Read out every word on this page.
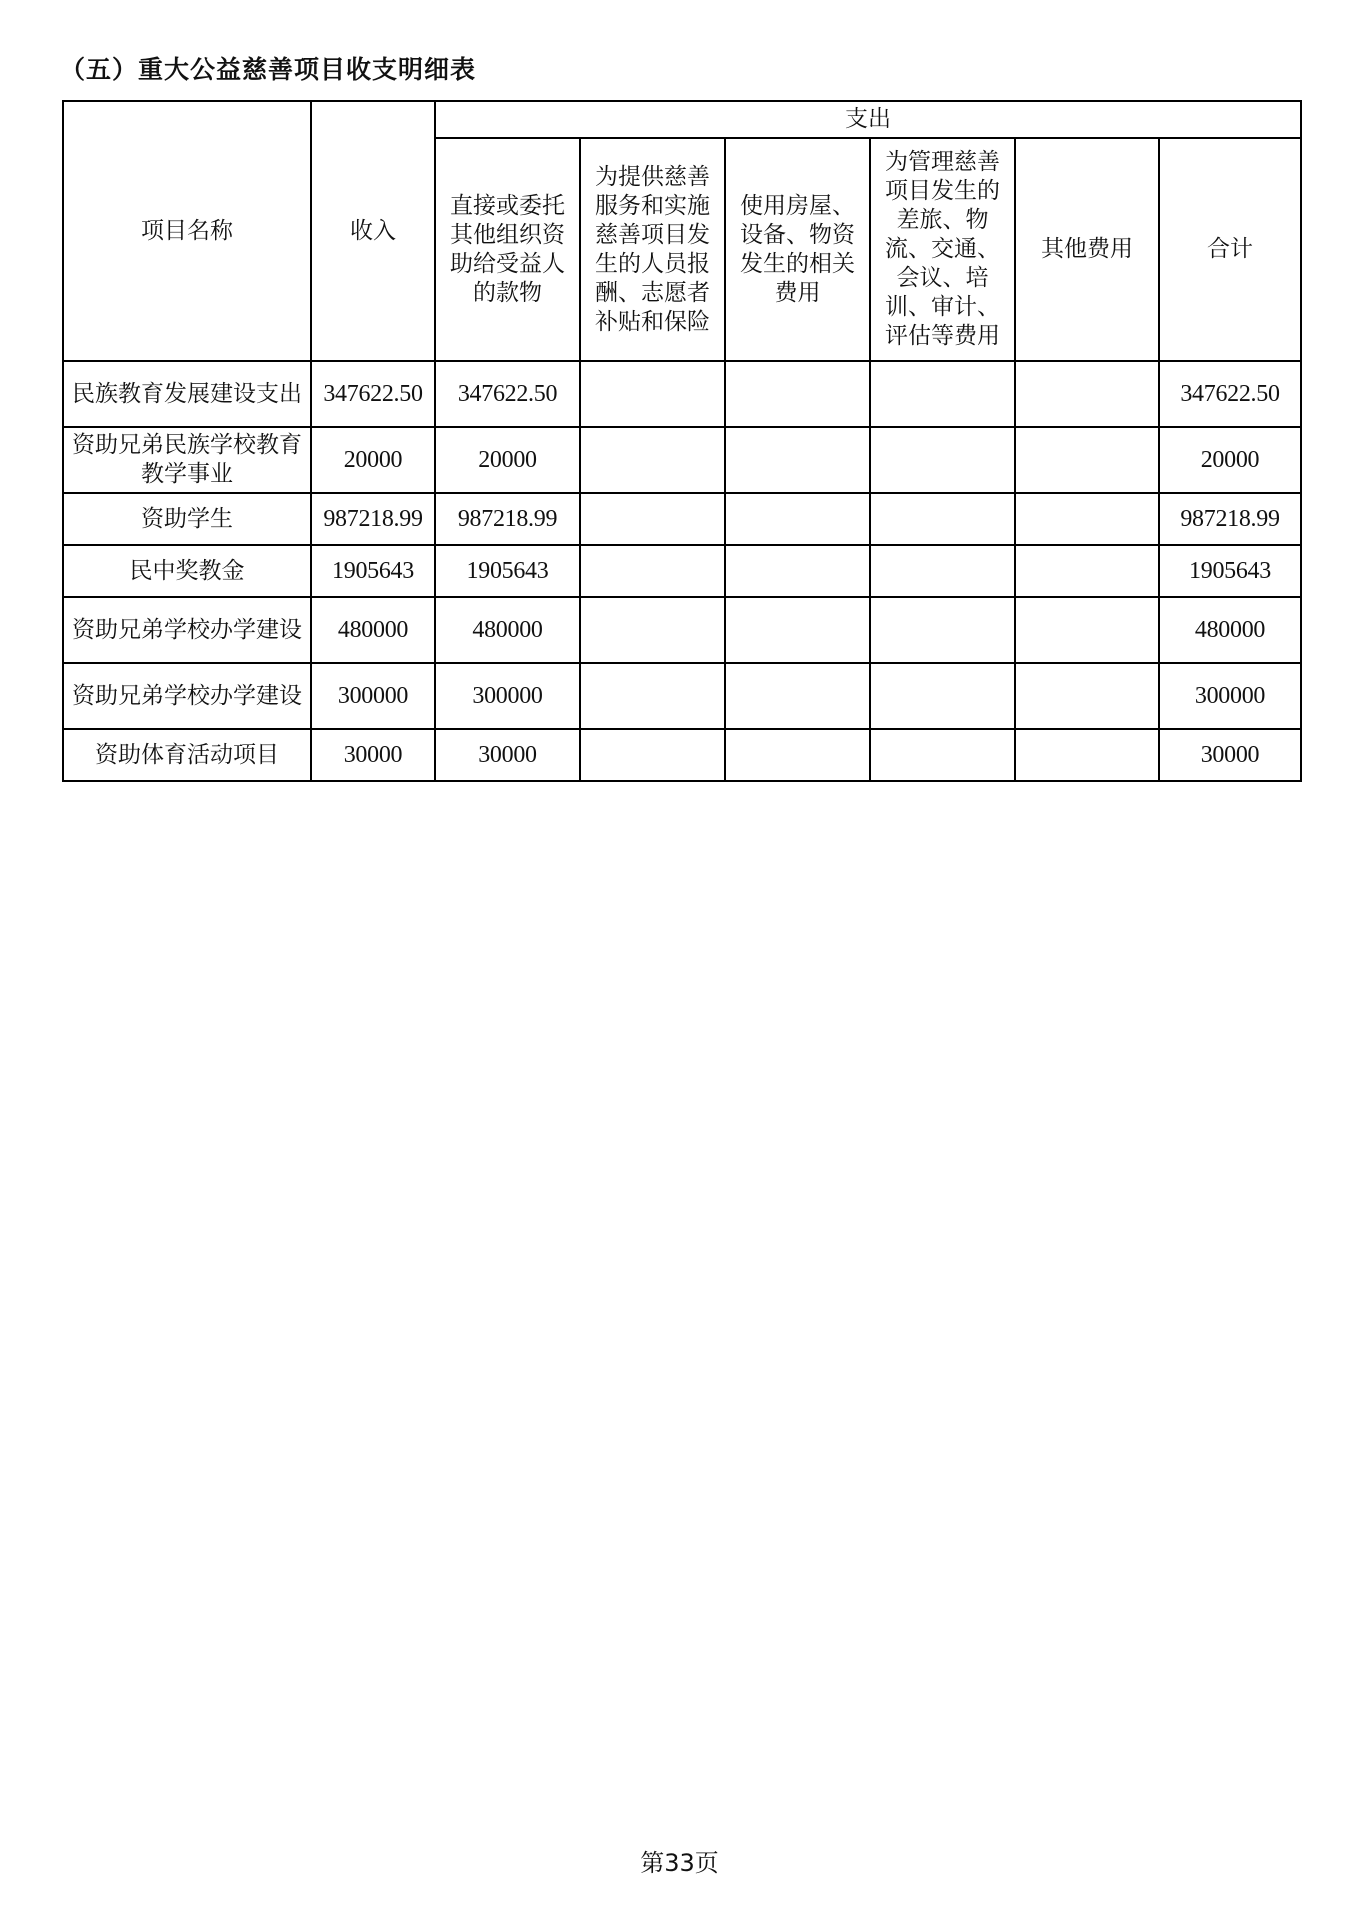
（五）重大公益慈善项目收支明细表
项目名称	收入	支出					
		直接或委托其他组织资助给受益人的款物	为提供慈善服务和实施慈善项目发生的人员报酬、志愿者补贴和保险	使用房屋、设备、物资发生的相关费用	为管理慈善项目发生的差旅、物流、交通、会议、培训、审计、评估等费用	其他费用	合计
民族教育发展建设支出	347622.50	347622.50					347622.50
资助兄弟民族学校教育教学事业	20000	20000					20000
资助学生	987218.99	987218.99					987218.99
民中奖教金	1905643	1905643					1905643
资助兄弟学校办学建设	480000	480000					480000
资助兄弟学校办学建设	300000	300000					300000
资助体育活动项目	30000	30000					30000
第33页
